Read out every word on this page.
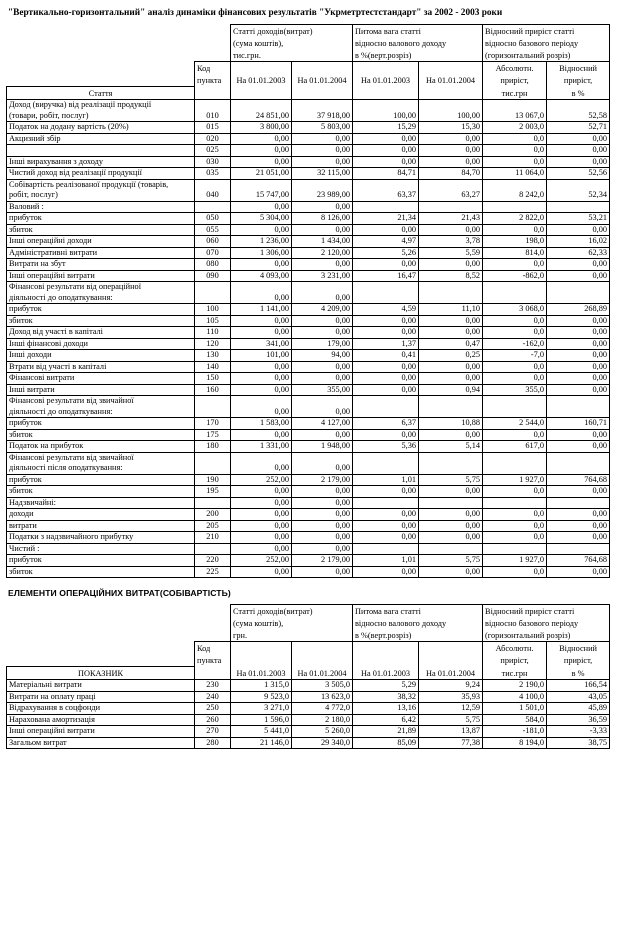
"Вертикально-горизонтальний" аналіз динаміки фінансових результатів "Укрметртестстандарт" за 2002 - 2003 роки
		Статті доходів(витрат)		Питома вага статті		Відносний приріст статті	
		(сума коштів),		відносно валового доходу		відносно базового періоду	
		тис.грн.		в %(верт.розріз)		(горизонтальний розріз)	
	Код					Абсолютн.	Вiдносний
	пункта	На 01.01.2003	На 01.01.2004	На 01.01.2003	На 01.01.2004	приріст,	приріст,
Стаття						тис.грн	в %
Доход (виручка) від реалізації продукції							
(товари, робіт, послуг)	010	24 851,00	37 918,00	100,00	100,00	13 067,0	52,58
Податок на додану вартість (20%)	015	3 800,00	5 803,00	15,29	15,30	2 003,0	52,71
Акцизний збір	020	0,00	0,00	0,00	0,00	0,0	0,00
	025	0,00	0,00	0,00	0,00	0,0	0,00
Інші вирахування з доходу	030	0,00	0,00	0,00	0,00	0,0	0,00
Чистий доход від реалізації продукції	035	21 051,00	32 115,00	84,71	84,70	11 064,0	52,56
Собівартість реалізованої продукції (товарів,							
робіт, послуг)	040	15 747,00	23 989,00	63,37	63,27	8 242,0	52,34
Валовий :		0,00	0,00				
прибуток	050	5 304,00	8 126,00	21,34	21,43	2 822,0	53,21
збиток	055	0,00	0,00	0,00	0,00	0,0	0,00
Інші операційні доходи	060	1 236,00	1 434,00	4,97	3,78	198,0	16,02
Адміністративні витрати	070	1 306,00	2 120,00	5,26	5,59	814,0	62,33
Витрати на збут	080	0,00	0,00	0,00	0,00	0,0	0,00
Інші операційні витрати	090	4 093,00	3 231,00	16,47	8,52	-862,0	0,00
Фінансові результати від операційної							
діяльності до оподаткування:		0,00	0,00				
прибуток	100	1 141,00	4 209,00	4,59	11,10	3 068,0	268,89
збиток	105	0,00	0,00	0,00	0,00	0,0	0,00
Доход від участі в капіталі	110	0,00	0,00	0,00	0,00	0,0	0,00
Інші фінансові доходи	120	341,00	179,00	1,37	0,47	-162,0	0,00
Інші доходи	130	101,00	94,00	0,41	0,25	-7,0	0,00
Втрати від участі в капіталі	140	0,00	0,00	0,00	0,00	0,0	0,00
Фінансові витрати	150	0,00	0,00	0,00	0,00	0,0	0,00
Інші витрати	160	0,00	355,00	0,00	0,94	355,0	0,00
Фінансові результати від звичайної							
діяльності до оподаткування:		0,00	0,00				
прибуток	170	1 583,00	4 127,00	6,37	10,88	2 544,0	160,71
збиток	175	0,00	0,00	0,00	0,00	0,0	0,00
Податок на прибуток	180	1 331,00	1 948,00	5,36	5,14	617,0	0,00
Фінансові результати від звичайної							
діяльності після оподаткування:		0,00	0,00				
прибуток	190	252,00	2 179,00	1,01	5,75	1 927,0	764,68
збиток	195	0,00	0,00	0,00	0,00	0,0	0,00
Надзвичайні:		0,00	0,00				
доходи	200	0,00	0,00	0,00	0,00	0,0	0,00
витрати	205	0,00	0,00	0,00	0,00	0,0	0,00
Податки з надзвичайного прибутку	210	0,00	0,00	0,00	0,00	0,0	0,00
Чистий :		0,00	0,00				
прибуток	220	252,00	2 179,00	1,01	5,75	1 927,0	764,68
збиток	225	0,00	0,00	0,00	0,00	0,0	0,00
ЕЛЕМЕНТИ ОПЕРАЦІЙНИХ ВИТРАТ(СОБІВАРТІСТЬ)
		Статті доходів(витрат)		Питома вага статті		Відносний приріст статті	
		(сума коштів),		відносно валового доходу		відносно базового періоду	
		грн.		в %(верт.розріз)		(горизонтальний розріз)	
	Код					Абсолютн.	Вiдносний
	пункта					приріст,	приріст,
ПОКАЗНИК		На 01.01.2003	На 01.01.2004	На 01.01.2003	На 01.01.2004	тис.грн	в %
Матеріальні витрати	230	1 315,0	3 505,0	5,29	9,24	2 190,0	166,54
Витрати на оплату праці	240	9 523,0	13 623,0	38,32	35,93	4 100,0	43,05
Відрахування в соцфонди	250	3 271,0	4 772,0	13,16	12,59	1 501,0	45,89
Нарахована амортизація	260	1 596,0	2 180,0	6,42	5,75	584,0	36,59
Інші операційні витрати	270	5 441,0	5 260,0	21,89	13,87	-181,0	-3,33
Загальом витрат	280	21 146,0	29 340,0	85,09	77,38	8 194,0	38,75
